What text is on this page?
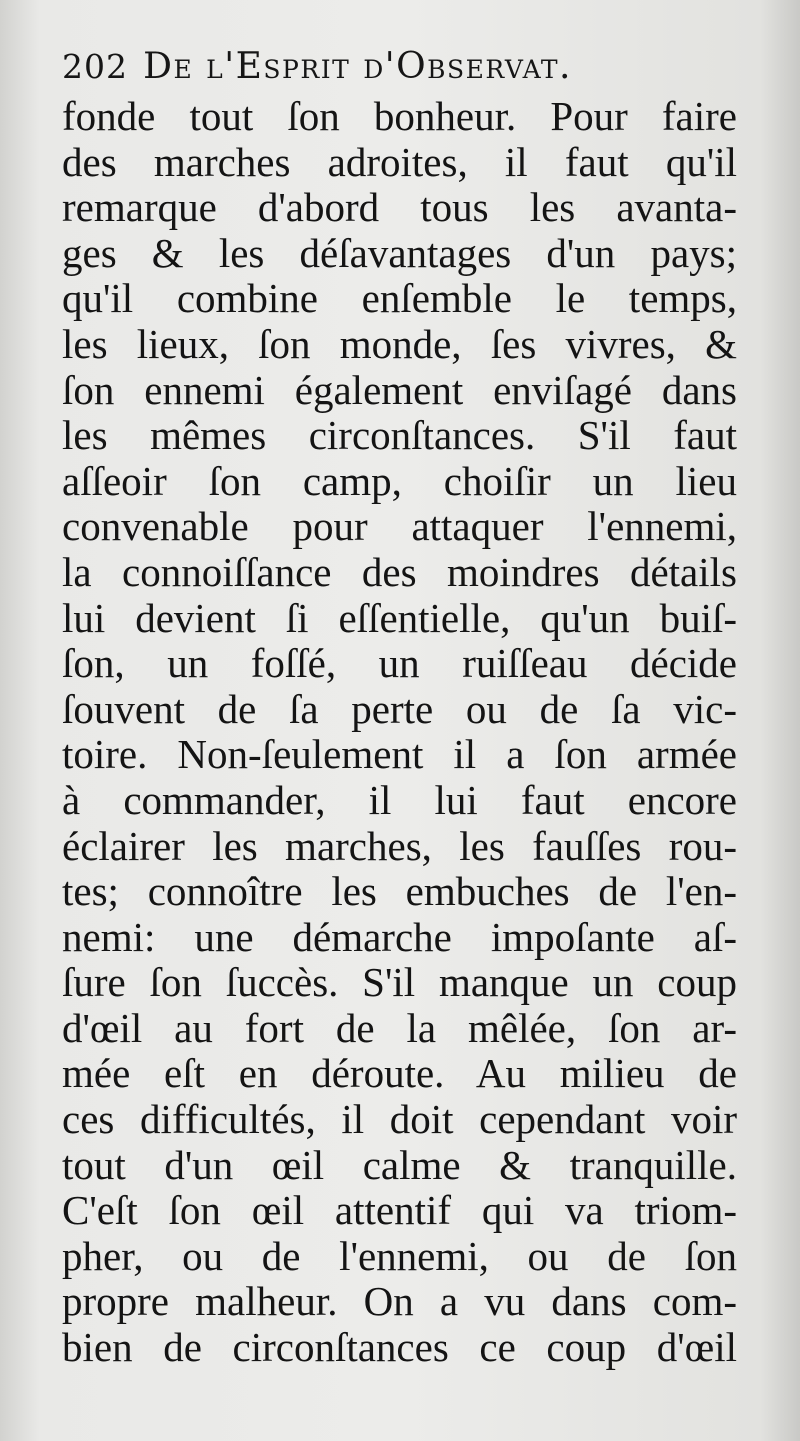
202 De l'Esprit d'Observat.
fonde tout ſon bonheur. Pour faire
des marches adroites, il faut qu'il
remarque d'abord tous les avanta-
ges & les déſavantages d'un pays;
qu'il combine enſemble le temps,
les lieux, ſon monde, ſes vivres, &
ſon ennemi également enviſagé dans
les mêmes circonſtances. S'il faut
aſſeoir ſon camp, choiſir un lieu
convenable pour attaquer l'ennemi,
la connoiſſance des moindres détails
lui devient ſi eſſentielle, qu'un buiſ-
ſon, un foſſé, un ruiſſeau décide
ſouvent de ſa perte ou de ſa vic-
toire. Non-ſeulement il a ſon armée
à commander, il lui faut encore
éclairer les marches, les fauſſes rou-
tes; connoître les embuches de l'en-
nemi: une démarche impoſante aſ-
ſure ſon ſuccès. S'il manque un coup
d'œil au fort de la mêlée, ſon ar-
mée eſt en déroute. Au milieu de
ces difficultés, il doit cependant voir
tout d'un œil calme & tranquille.
C'eſt ſon œil attentif qui va triom-
pher, ou de l'ennemi, ou de ſon
propre malheur. On a vu dans com-
bien de circonſtances ce coup d'œil
